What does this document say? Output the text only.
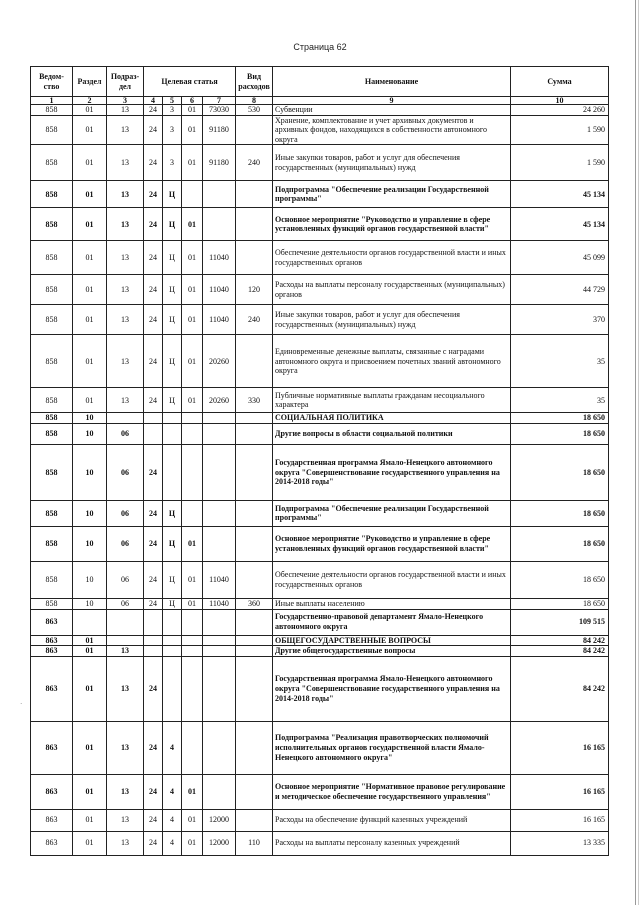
Страница 62
Ведом-ство	Раздел	Подраз-дел	Целевая статья				Вид расходов	Наименование	Сумма
1	2	3	4	5	6	7	8	9	10
858	01	13	24	3	01	73030	530	Субвенции	24 260
858	01	13	24	3	01	91180		Хранение, комплектование и учет архивных документов и архивных фондов, находящихся в собственности автономного округа	1 590
858	01	13	24	3	01	91180	240	Иные закупки товаров, работ и услуг для обеспечения государственных (муниципальных) нужд	1 590
858	01	13	24	Ц				Подпрограмма "Обеспечение реализации Государственной программы"	45 134
858	01	13	24	Ц	01			Основное мероприятие "Руководство и управление в сфере установленных функций органов государственной власти"	45 134
858	01	13	24	Ц	01	11040		Обеспечение деятельности органов государственной власти и иных государственных органов	45 099
858	01	13	24	Ц	01	11040	120	Расходы на выплаты персоналу государственных (муниципальных) органов	44 729
858	01	13	24	Ц	01	11040	240	Иные закупки товаров, работ и услуг для обеспечения государственных (муниципальных) нужд	370
858	01	13	24	Ц	01	20260		Единовременные денежные выплаты, связанные с наградами автономного округа и присвоением почетных званий автономного округа	35
858	01	13	24	Ц	01	20260	330	Публичные нормативные выплаты гражданам несоциального характера	35
858	10							СОЦИАЛЬНАЯ ПОЛИТИКА	18 650
858	10	06						Другие вопросы в области социальной политики	18 650
858	10	06	24					Государственная программа Ямало-Ненецкого автономного округа "Совершенствование государственного управления на 2014-2018 годы"	18 650
858	10	06	24	Ц				Подпрограмма "Обеспечение реализации Государственной программы"	18 650
858	10	06	24	Ц	01			Основное мероприятие "Руководство и управление в сфере установленных функций органов государственной власти"	18 650
858	10	06	24	Ц	01	11040		Обеспечение деятельности органов государственной власти и иных государственных органов	18 650
858	10	06	24	Ц	01	11040	360	Иные выплаты населению	18 650
863								Государственно-правовой департамент Ямало-Ненецкого автономного округа	109 515
863	01							ОБЩЕГОСУДАРСТВЕННЫЕ ВОПРОСЫ	84 242
863	01	13						Другие общегосударственные вопросы	84 242
863	01	13	24					Государственная программа Ямало-Ненецкого автономного округа "Совершенствование государственного управления на 2014-2018 годы"	84 242
863	01	13	24	4				Подпрограмма "Реализация правотворческих полномочий исполнительных органов государственной власти Ямало-Ненецкого автономного округа"	16 165
863	01	13	24	4	01			Основное мероприятие "Нормативное правовое регулирование и методическое обеспечение государственного управления"	16 165
863	01	13	24	4	01	12000		Расходы на обеспечение функций казенных учреждений	16 165
863	01	13	24	4	01	12000	110	Расходы на выплаты персоналу казенных учреждений	13 335
·
